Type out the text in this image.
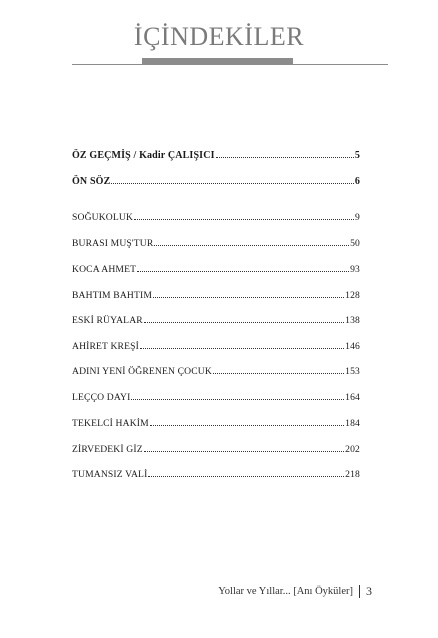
İÇİNDEKİLER
ÖZ GEÇMİŞ / Kadir ÇALIŞICI	5
ÖN SÖZ	6
SOĞUKOLUK	9
BURASI MUŞ'TUR	50
KOCA AHMET	93
BAHTIM BAHTIM	128
ESKİ RÜYALAR	138
AHİRET KREŞİ	146
ADINI YENİ ÖĞRENEN ÇOCUK	153
LEÇÇO DAYI	164
TEKELCİ HAKİM	184
ZİRVEDEKİ GİZ	202
TUMANSIZ VALİ	218
Yollar ve Yıllar... [Anı Öyküler] 3
